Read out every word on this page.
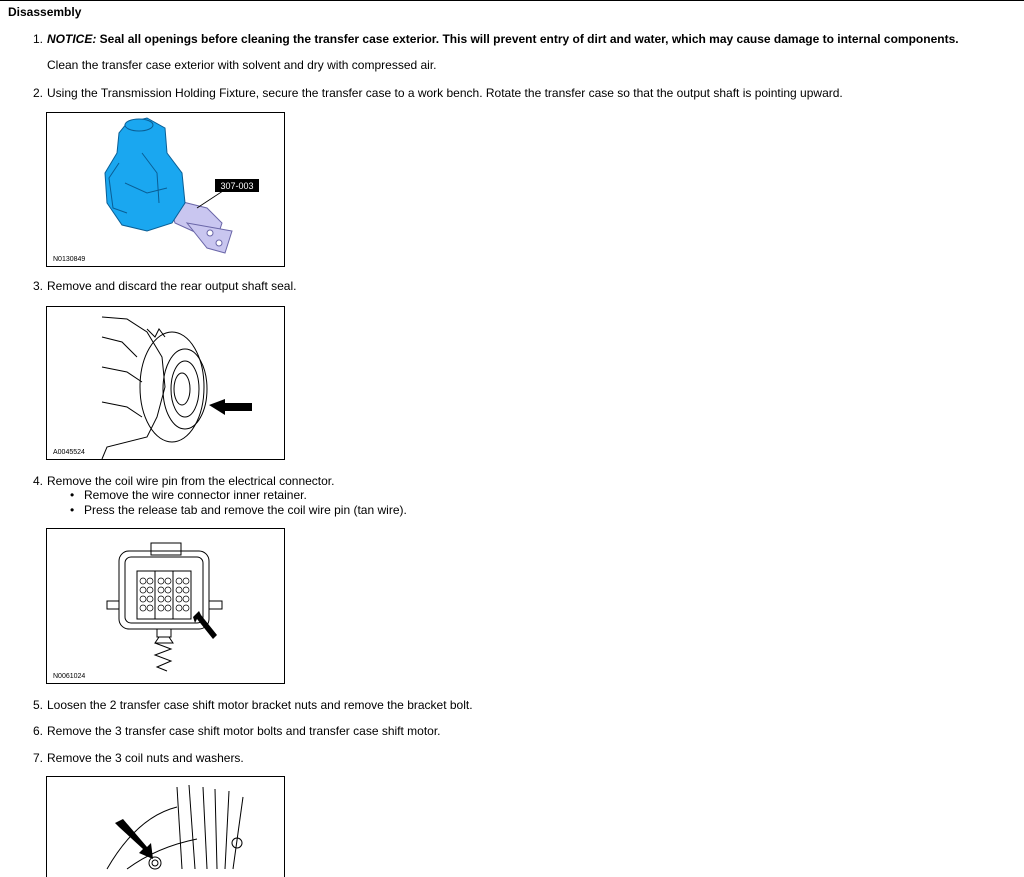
Disassembly
1. NOTICE: Seal all openings before cleaning the transfer case exterior. This will prevent entry of dirt and water, which may cause damage to internal components.
Clean the transfer case exterior with solvent and dry with compressed air.
2. Using the Transmission Holding Fixture, secure the transfer case to a work bench. Rotate the transfer case so that the output shaft is pointing upward.
307-003
N0130849
3. Remove and discard the rear output shaft seal.
A0045524
4. Remove the coil wire pin from the electrical connector.
• Remove the wire connector inner retainer.
• Press the release tab and remove the coil wire pin (tan wire).
N0061024
5. Loosen the 2 transfer case shift motor bracket nuts and remove the bracket bolt.
6. Remove the 3 transfer case shift motor bolts and transfer case shift motor.
7. Remove the 3 coil nuts and washers.
